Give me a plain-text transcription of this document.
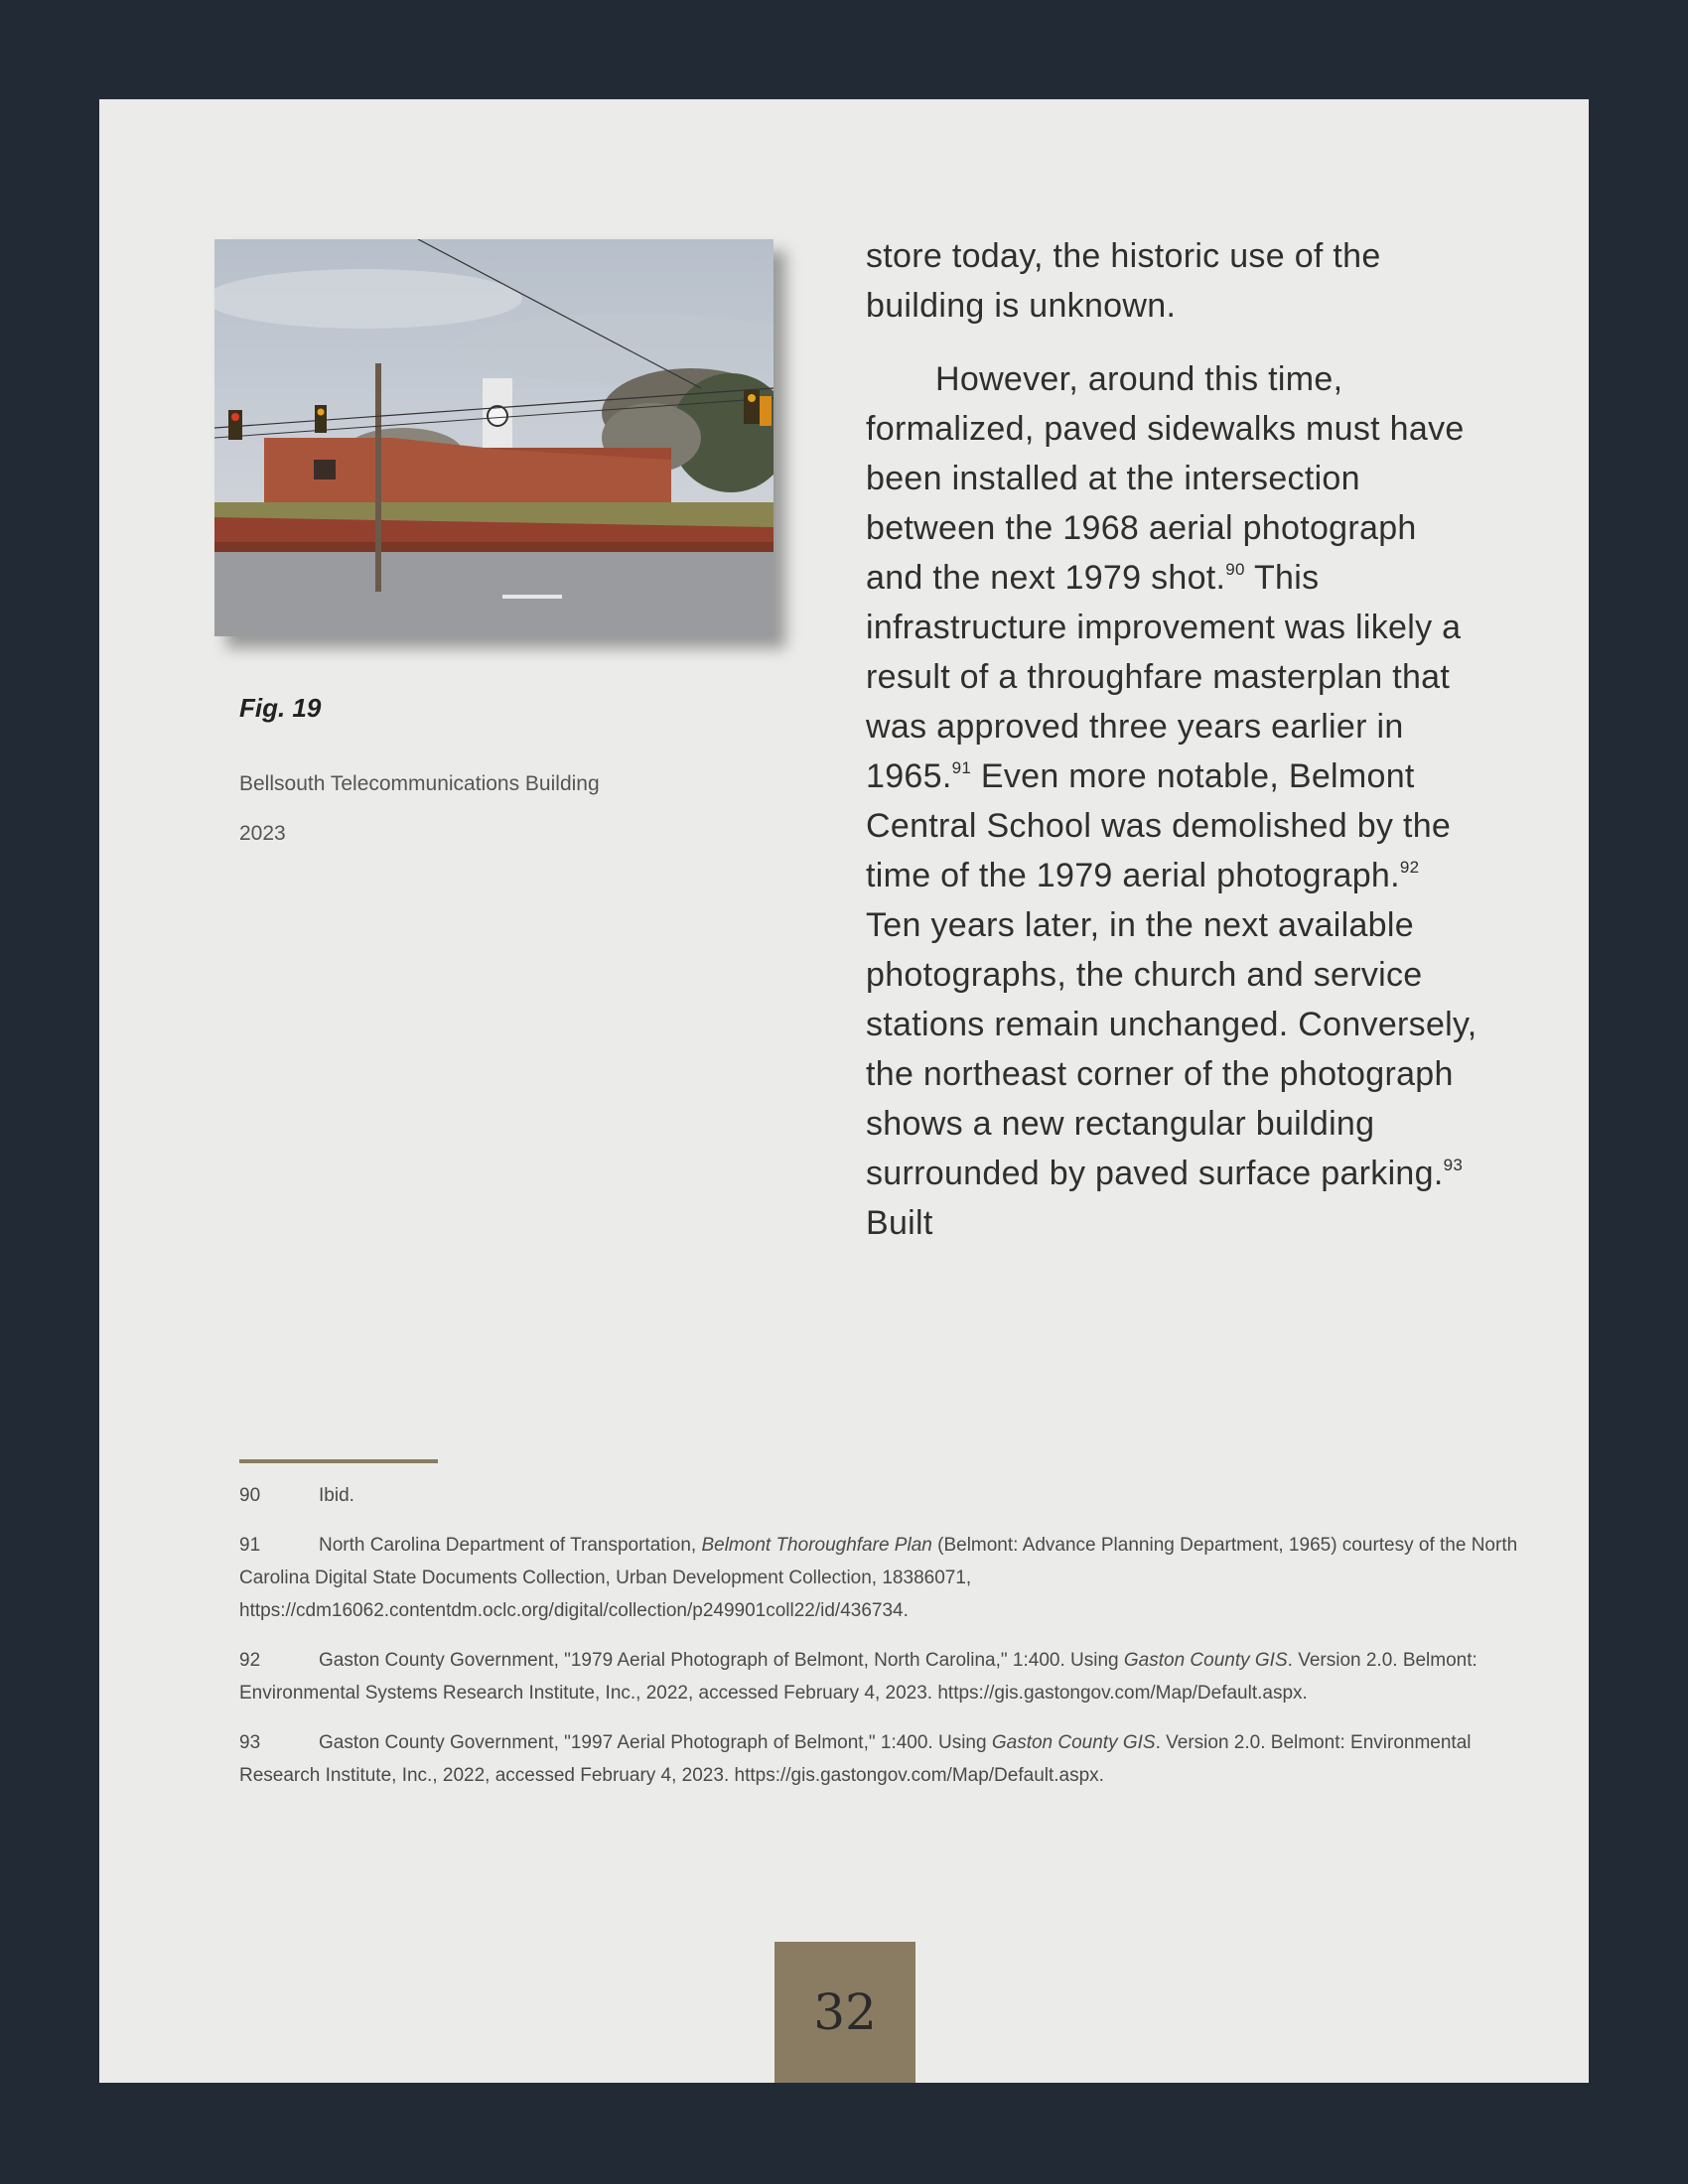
Fig. 19

Bellsouth Telecommunications Building

2023

store today, the historic use of the building is unknown.

However, around this time, formalized, paved sidewalks must have been installed at the intersection between the 1968 aerial photograph and the next 1979 shot.$^{90}$ This infrastructure improvement was likely a result of a throughfare masterplan that was approved three years earlier in 1965.91 Even more notable, Belmont Central School was demolished by the time of the 1979 aerial photograph.$^{92}$ Ten years later, in the next available photographs, the church and service stations remain unchanged. Conversely, the northeast corner of the photograph shows a new rectangular building surrounded by paved surface parking.$^{93}$ Built

90	Ibid.

91	North Carolina Department of Transportation, Belmont Thoroughfare Plan (Belmont: Advance Planning Department, 1965) courtesy of the North Carolina Digital State Documents Collection, Urban Development Collection, 18386071, https://cdm16062.contentdm.oclc.org/digital/collection/p249901coll22/id/436734.

92	Gaston County Government, "1979 Aerial Photograph of Belmont, North Carolina," 1:400. Using Gaston County GIS. Version 2.0. Belmont: Environmental Systems Research Institute, Inc., 2022, accessed February 4, 2023. https://gis.gastongov.com/Map/Default.aspx.

93	Gaston County Government, "1997 Aerial Photograph of Belmont," 1:400. Using Gaston County GIS. Version 2.0. Belmont: Environmental Research Institute, Inc., 2022, accessed February 4, 2023. https://gis.gastongov.com/Map/Default.aspx.

32
